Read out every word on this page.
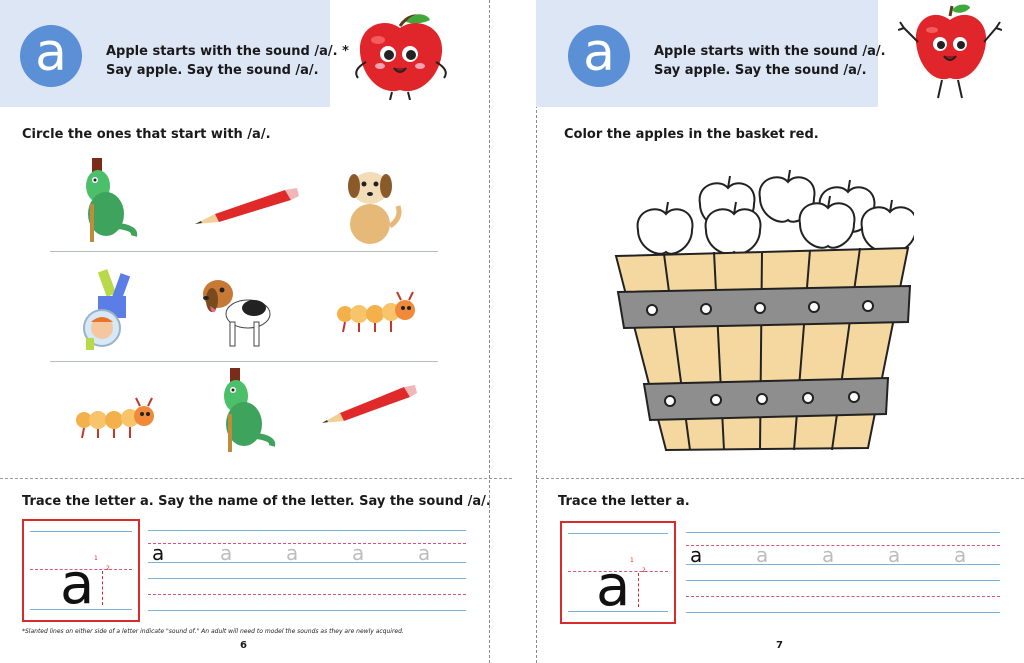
a	Apple starts with the sound /a/. *
Say apple. Say the sound /a/.
Circle the ones that start with /a/.
Trace the letter a. Say the name of the letter. Say the sound /a/.
a 1
2
a	a	a	a	a
*Slanted lines on either side of a letter indicate "sound of." An adult will need to model the sounds as they are newly acquired.
6
a	Apple starts with the sound /a/.
Say apple. Say the sound /a/.
Color the apples in the basket red.
Trace the letter a.
a 1
2
a	a	a	a	a
7
